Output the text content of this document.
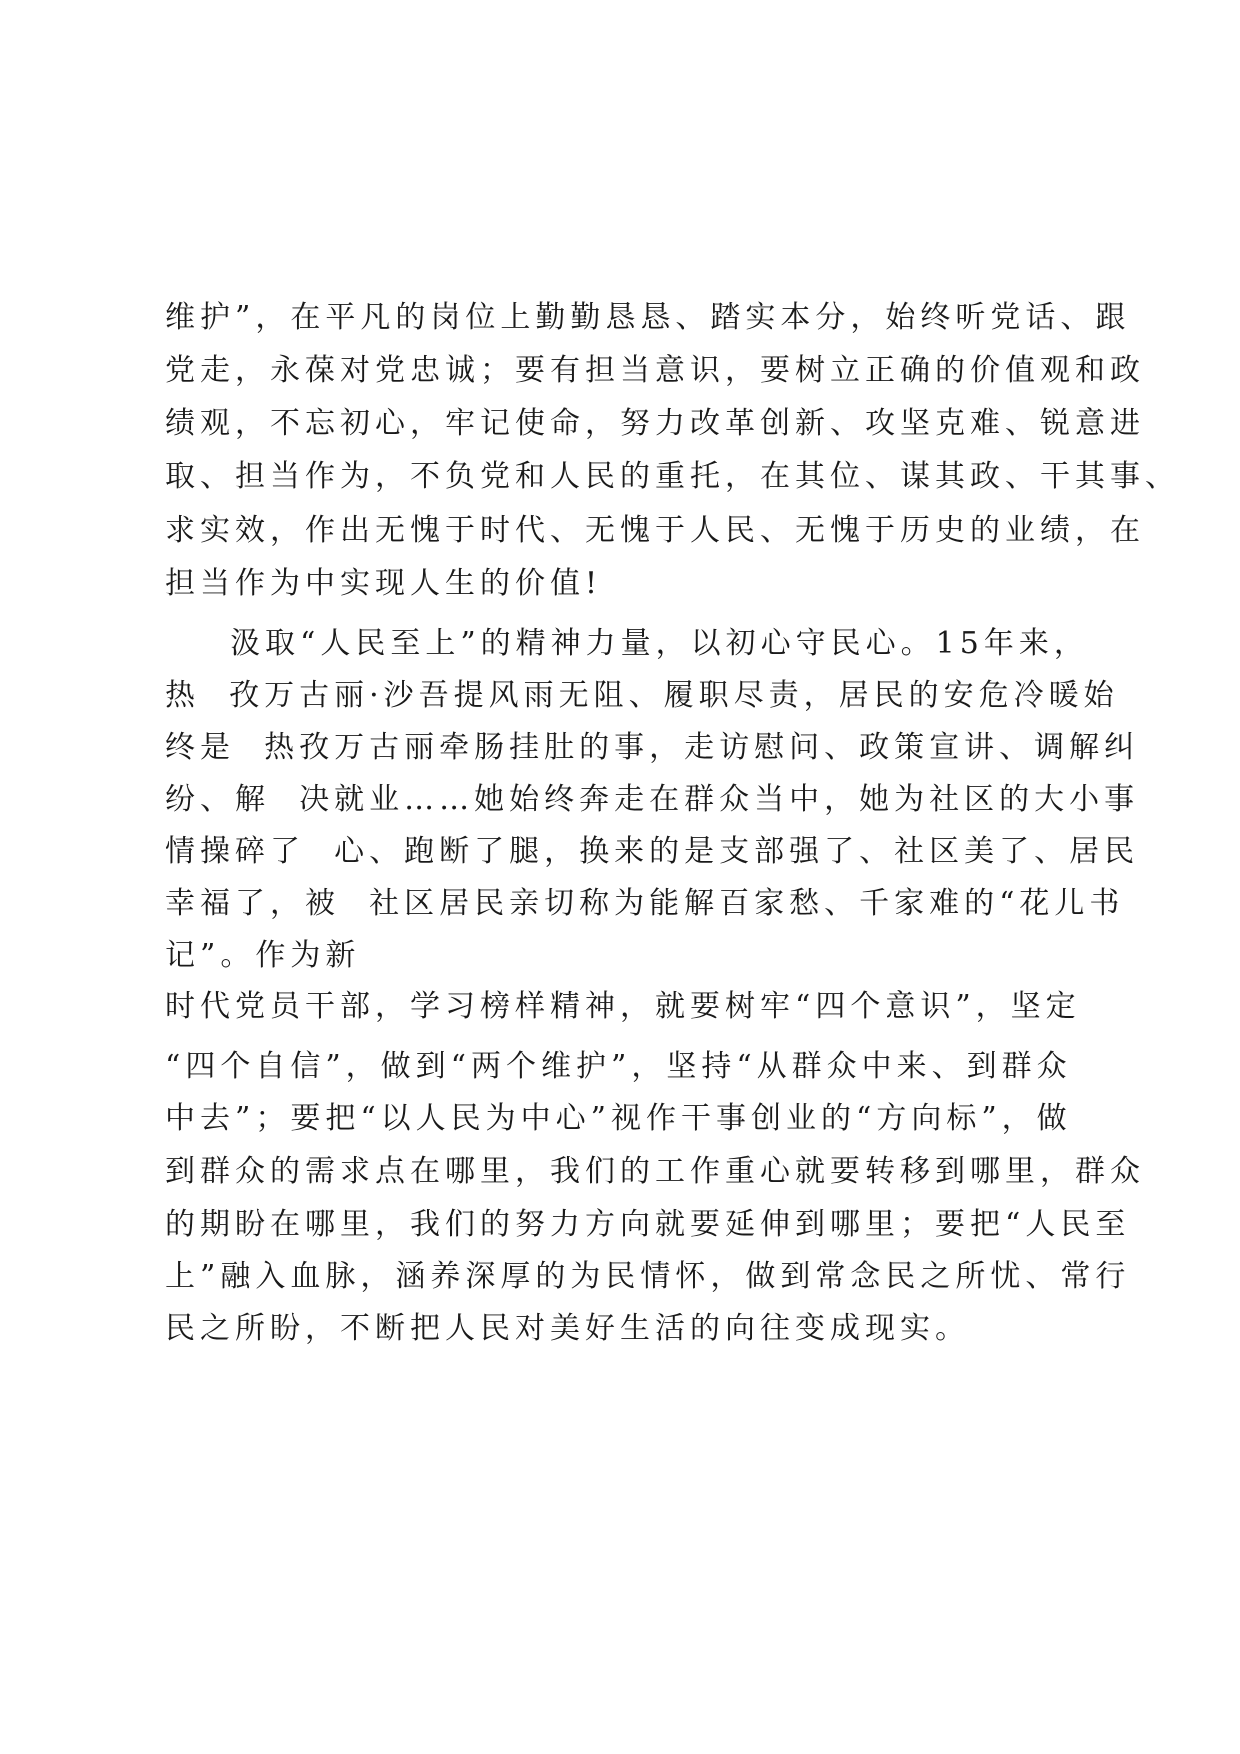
维护”，在平凡的岗位上勤勤恳恳、踏实本分，始终听党话、跟

党走，永葆对党忠诚；要有担当意识，要树立正确的价值观和政

绩观，不忘初心，牢记使命，努力改革创新、攻坚克难、锐意进

取、担当作为，不负党和人民的重托，在其位、谋其政、干其事、

求实效，作出无愧于时代、无愧于人民、无愧于历史的业绩，在

担当作为中实现人生的价值!

汲取“人民至上”的精神力量，以初心守民心。15年来，

热  孜万古丽·沙吾提风雨无阻、履职尽责，居民的安危冷暖始

终是  热孜万古丽牵肠挂肚的事，走访慰问、政策宣讲、调解纠

纷、解  决就业……她始终奔走在群众当中，她为社区的大小事

情操碎了  心、跑断了腿，换来的是支部强了、社区美了、居民

幸福了，被  社区居民亲切称为能解百家愁、千家难的“花儿书

记”。作为新

时代党员干部，学习榜样精神，就要树牢“四个意识”，坚定

“四个自信”，做到“两个维护”，坚持“从群众中来、到群众

中去”；要把“以人民为中心”视作干事创业的“方向标”，做

到群众的需求点在哪里，我们的工作重心就要转移到哪里，群众

的期盼在哪里，我们的努力方向就要延伸到哪里；要把“人民至

上”融入血脉，涵养深厚的为民情怀，做到常念民之所忧、常行

民之所盼，不断把人民对美好生活的向往变成现实。
